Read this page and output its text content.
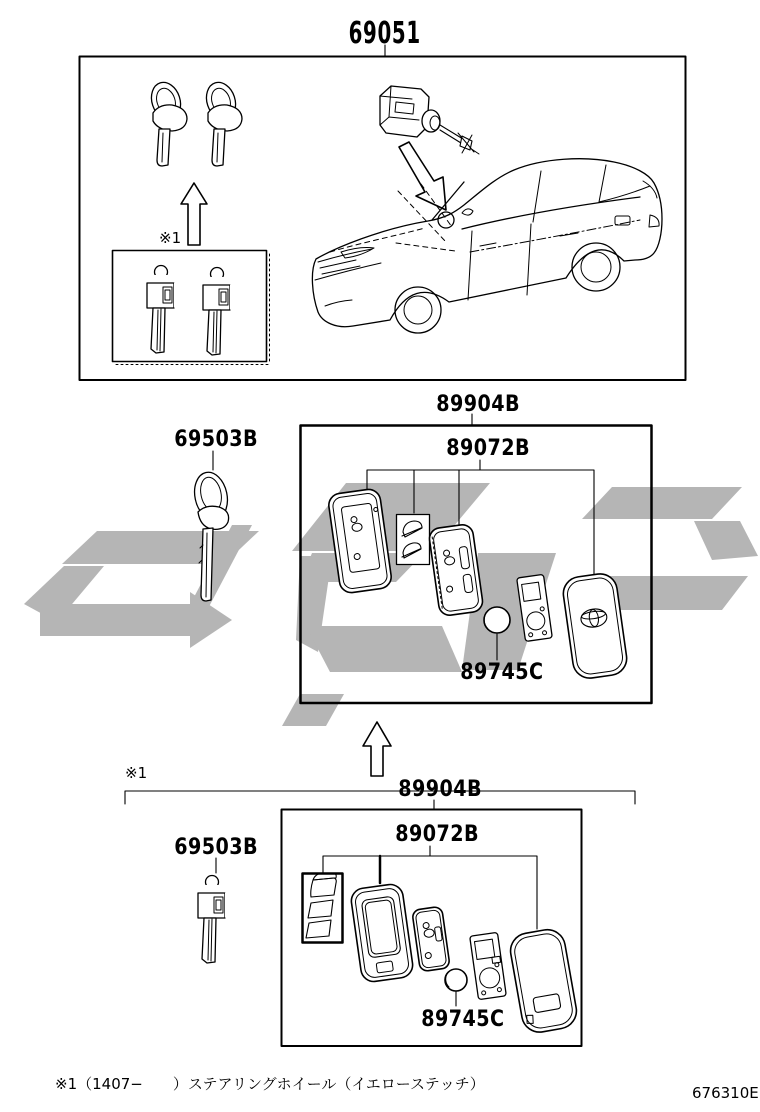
69051
※1
69503B
89904B
89072B
89745C
※1
89904B
69503B
89072B
89745C
※1（1407−　　）ステアリングホイール（イエローステッチ）	676310E
